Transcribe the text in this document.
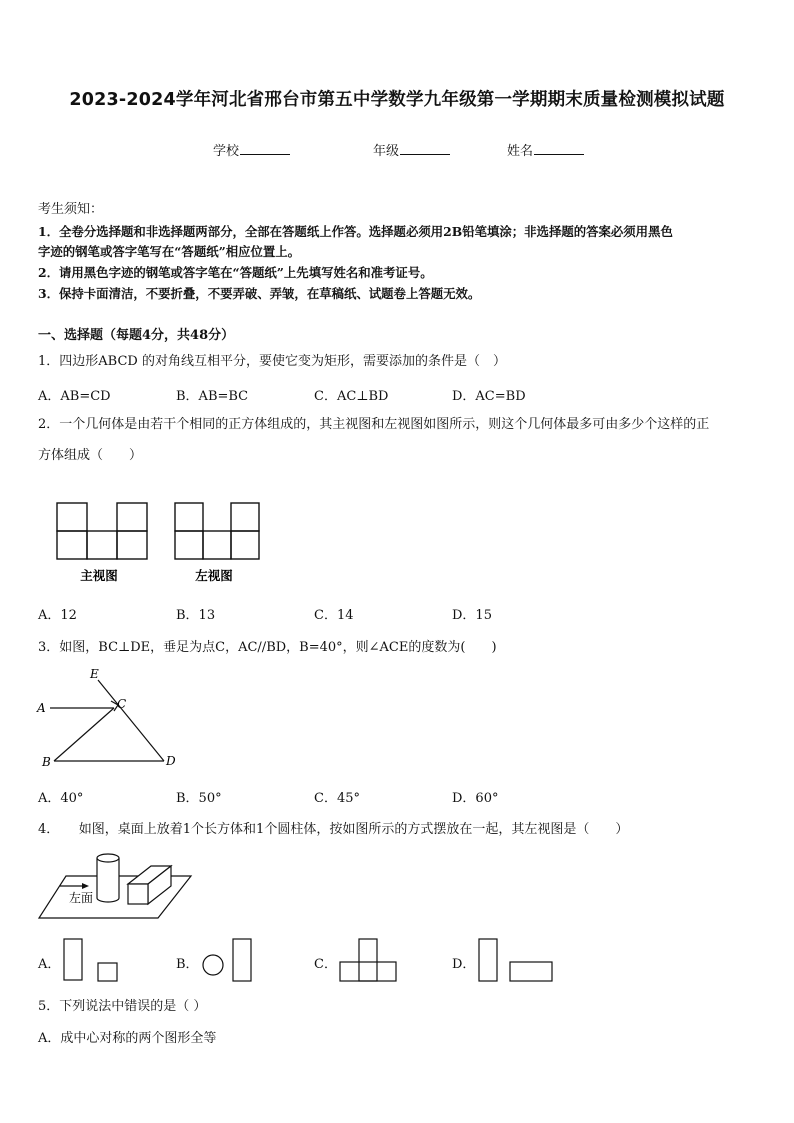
2023-2024学年河北省邢台市第五中学数学九年级第一学期期末质量检测模拟试题
学校	年级	姓名
考生须知：
1．全卷分选择题和非选择题两部分，全部在答题纸上作答。选择题必须用2B铅笔填涂；非选择题的答案必须用黑色
字迹的钢笔或答字笔写在“答题纸”相应位置上。
2．请用黑色字迹的钢笔或答字笔在“答题纸”上先填写姓名和准考证号。
3．保持卡面清洁，不要折叠，不要弄破、弄皱，在草稿纸、试题卷上答题无效。
一、选择题（每题4分，共48分）
1．四边形ABCD 的对角线互相平分，要使它变为矩形，需要添加的条件是（　）
A．AB=CD	B．AB=BC	C．AC⊥BD	D．AC=BD
2．一个几何体是由若干个相同的正方体组成的，其主视图和左视图如图所示，则这个几何体最多可由多少个这样的正
方体组成（　　）
主视图	左视图
A．12	B．13	C．14	D．15
3．如图，BC⊥DE，垂足为点C，AC//BD，B=40°，则∠ACE的度数为(　　)
E
A	C
B	D
A．40°	B．50°	C．45°	D．60°
4．　　如图，桌面上放着1个长方体和1个圆柱体，按如图所示的方式摆放在一起，其左视图是（　　）
左面
A．	B．	C．	D．
5．下列说法中错误的是（ ）
A．成中心对称的两个图形全等
